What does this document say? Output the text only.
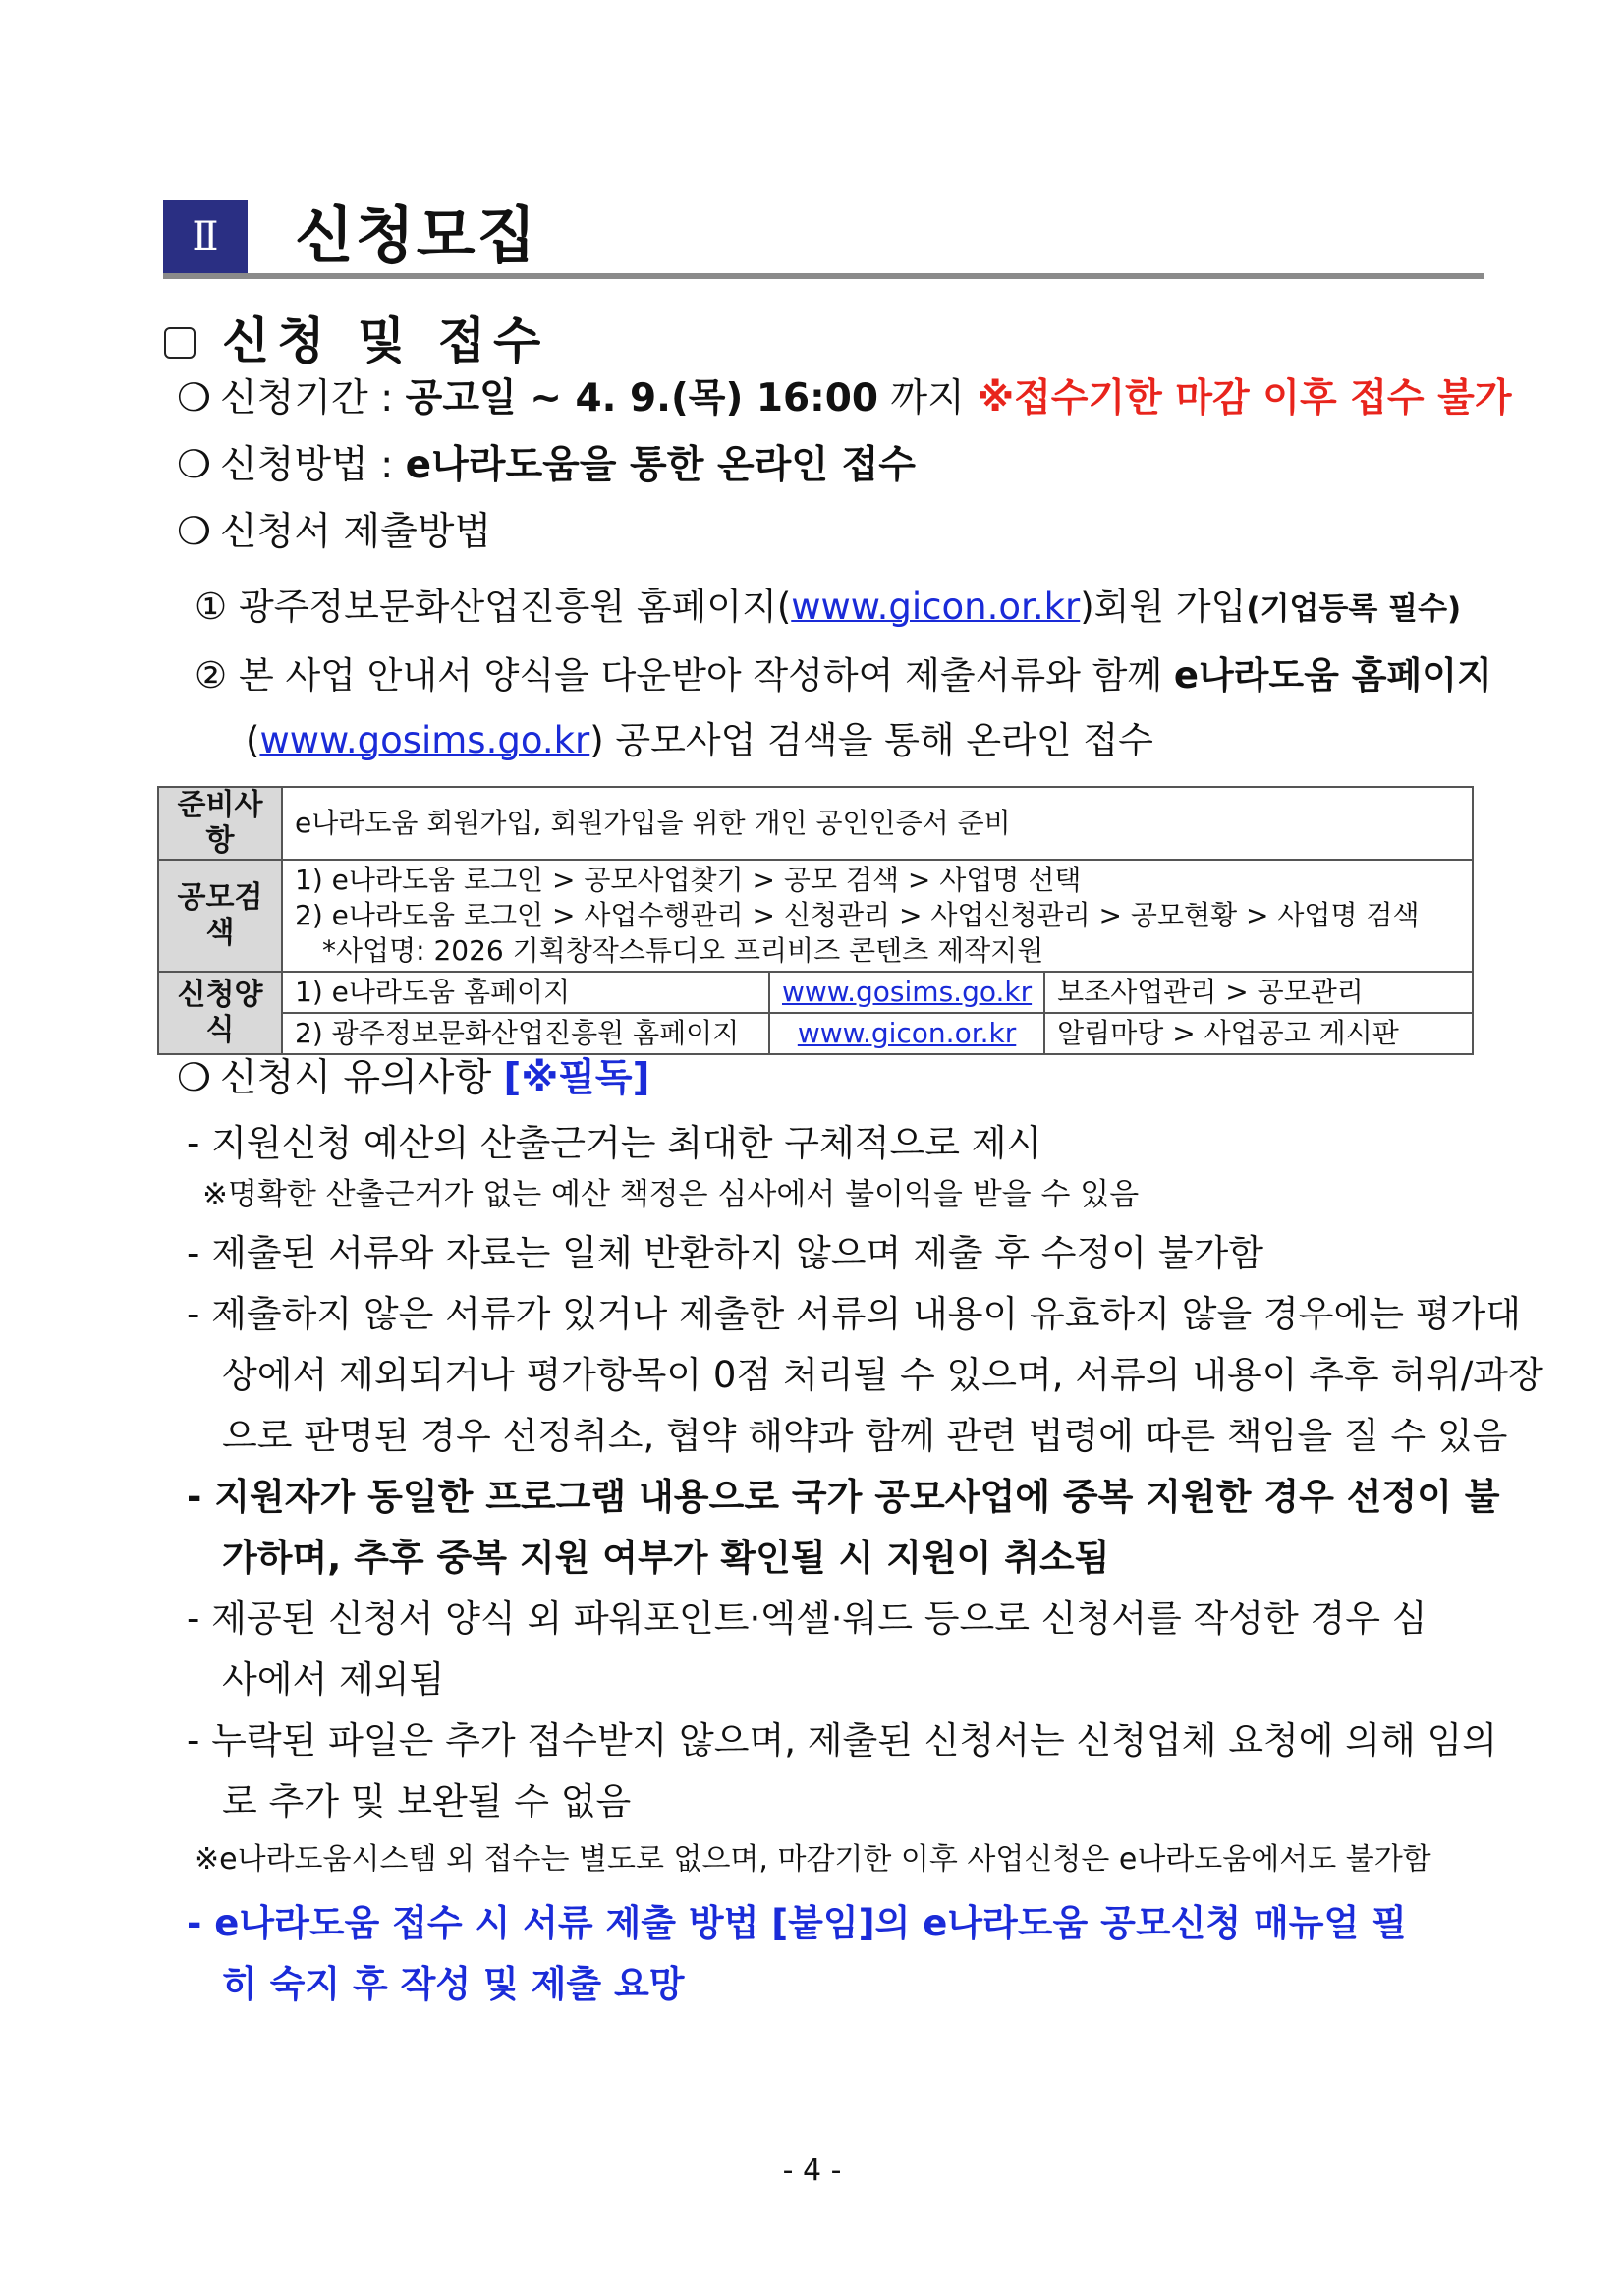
Ⅱ 신청모집
신청 및 접수
❍ 신청기간 : 공고일 ~ 4. 9.(목) 16:00 까지 ※접수기한 마감 이후 접수 불가
❍ 신청방법 : e나라도움을 통한 온라인 접수
❍ 신청서 제출방법
① 광주정보문화산업진흥원 홈페이지(www.gicon.or.kr)회원 가입(기업등록 필수)
② 본 사업 안내서 양식을 다운받아 작성하여 제출서류와 함께 e나라도움 홈페이지
(www.gosims.go.kr) 공모사업 검색을 통해 온라인 접수
준비사항	e나라도움 회원가입, 회원가입을 위한 개인 공인인증서 준비		
공모검색	1) e나라도움 로그인 > 공모사업찾기 > 공모 검색 > 사업명 선택
2) e나라도움 로그인 > 사업수행관리 > 신청관리 > 사업신청관리 > 공모현황 > 사업명 검색
*사업명: 2026 기획창작스튜디오 프리비즈 콘텐츠 제작지원		

신청양식	1) e나라도움 홈페이지	www.gosims.go.kr	보조사업관리 > 공모관리
	2) 광주정보문화산업진흥원 홈페이지	www.gicon.or.kr	알림마당 > 사업공고 게시판
❍ 신청시 유의사항 [※필독]
- 지원신청 예산의 산출근거는 최대한 구체적으로 제시
※명확한 산출근거가 없는 예산 책정은 심사에서 불이익을 받을 수 있음
- 제출된 서류와 자료는 일체 반환하지 않으며 제출 후 수정이 불가함
- 제출하지 않은 서류가 있거나 제출한 서류의 내용이 유효하지 않을 경우에는 평가대
상에서 제외되거나 평가항목이 0점 처리될 수 있으며, 서류의 내용이 추후 허위/과장
으로 판명된 경우 선정취소, 협약 해약과 함께 관련 법령에 따른 책임을 질 수 있음
- 지원자가 동일한 프로그램 내용으로 국가 공모사업에 중복 지원한 경우 선정이 불
가하며, 추후 중복 지원 여부가 확인될 시 지원이 취소됨
- 제공된 신청서 양식 외 파워포인트·엑셀·워드 등으로 신청서를 작성한 경우 심
사에서 제외됨
- 누락된 파일은 추가 접수받지 않으며, 제출된 신청서는 신청업체 요청에 의해 임의
로 추가 및 보완될 수 없음
※e나라도움시스템 외 접수는 별도로 없으며, 마감기한 이후 사업신청은 e나라도움에서도 불가함
- e나라도움 접수 시 서류 제출 방법 [붙임]의 e나라도움 공모신청 매뉴얼 필
히 숙지 후 작성 및 제출 요망
- 4 -
